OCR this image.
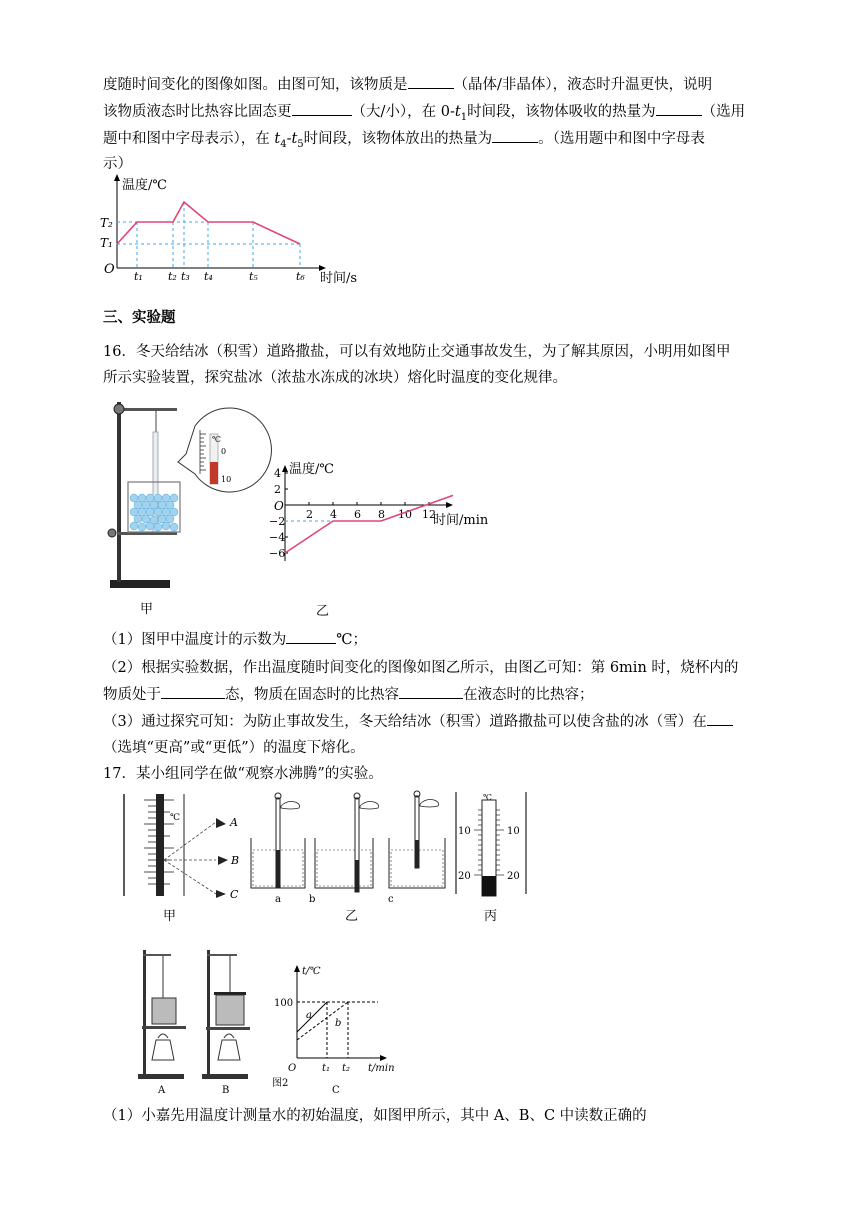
度随时间变化的图像如图。由图可知，该物质是	（晶体/非晶体），液态时升温更快，说明
该物质液态时比热容比固态更	（大/小），在 $0-t_1$时间段，该物体吸收的热量为	（选用
题中和图中字母表示），在 $t_4-t_5$时间段，该物体放出的热量为	。（选用题中和图中字母表
示）
温度/℃
时间/s
O
T₂
T₁
t₁ t₂ t₃ t₄	t₅	t₆
三、实验题
16．冬天给结冰（积雪）道路撒盐，可以有效地防止交通事故发生，为了解其原因，小明用如图甲
所示实验装置，探究盐冰（浓盐水冻成的冰块）熔化时温度的变化规律。
℃
0
10
甲
温度/℃
时间/min
O
2 4 6 8 10 12
4
2
−2
−4
−6
乙
（1）图甲中温度计的示数为	℃；
（2）根据实验数据，作出温度随时间变化的图像如图乙所示，由图乙可知：第 6min 时，烧杯内的
物质处于	态，物质在固态时的比热容	在液态时的比热容；
（3）通过探究可知：为防止事故发生，冬天给结冰（积雪）道路撒盐可以使含盐的冰（雪）在
（选填“更高”或“更低”）的温度下熔化。
17．某小组同学在做“观察水沸腾”的实验。
℃	A
B
C
甲
a	b	c
乙
℃
10	10
20	20
丙
A	B
t/℃
t/min
100
O
a
b
t₁ t₂
C
图2
（1）小嘉先用温度计测量水的初始温度，如图甲所示，其中 A、B、C 中读数正确的
